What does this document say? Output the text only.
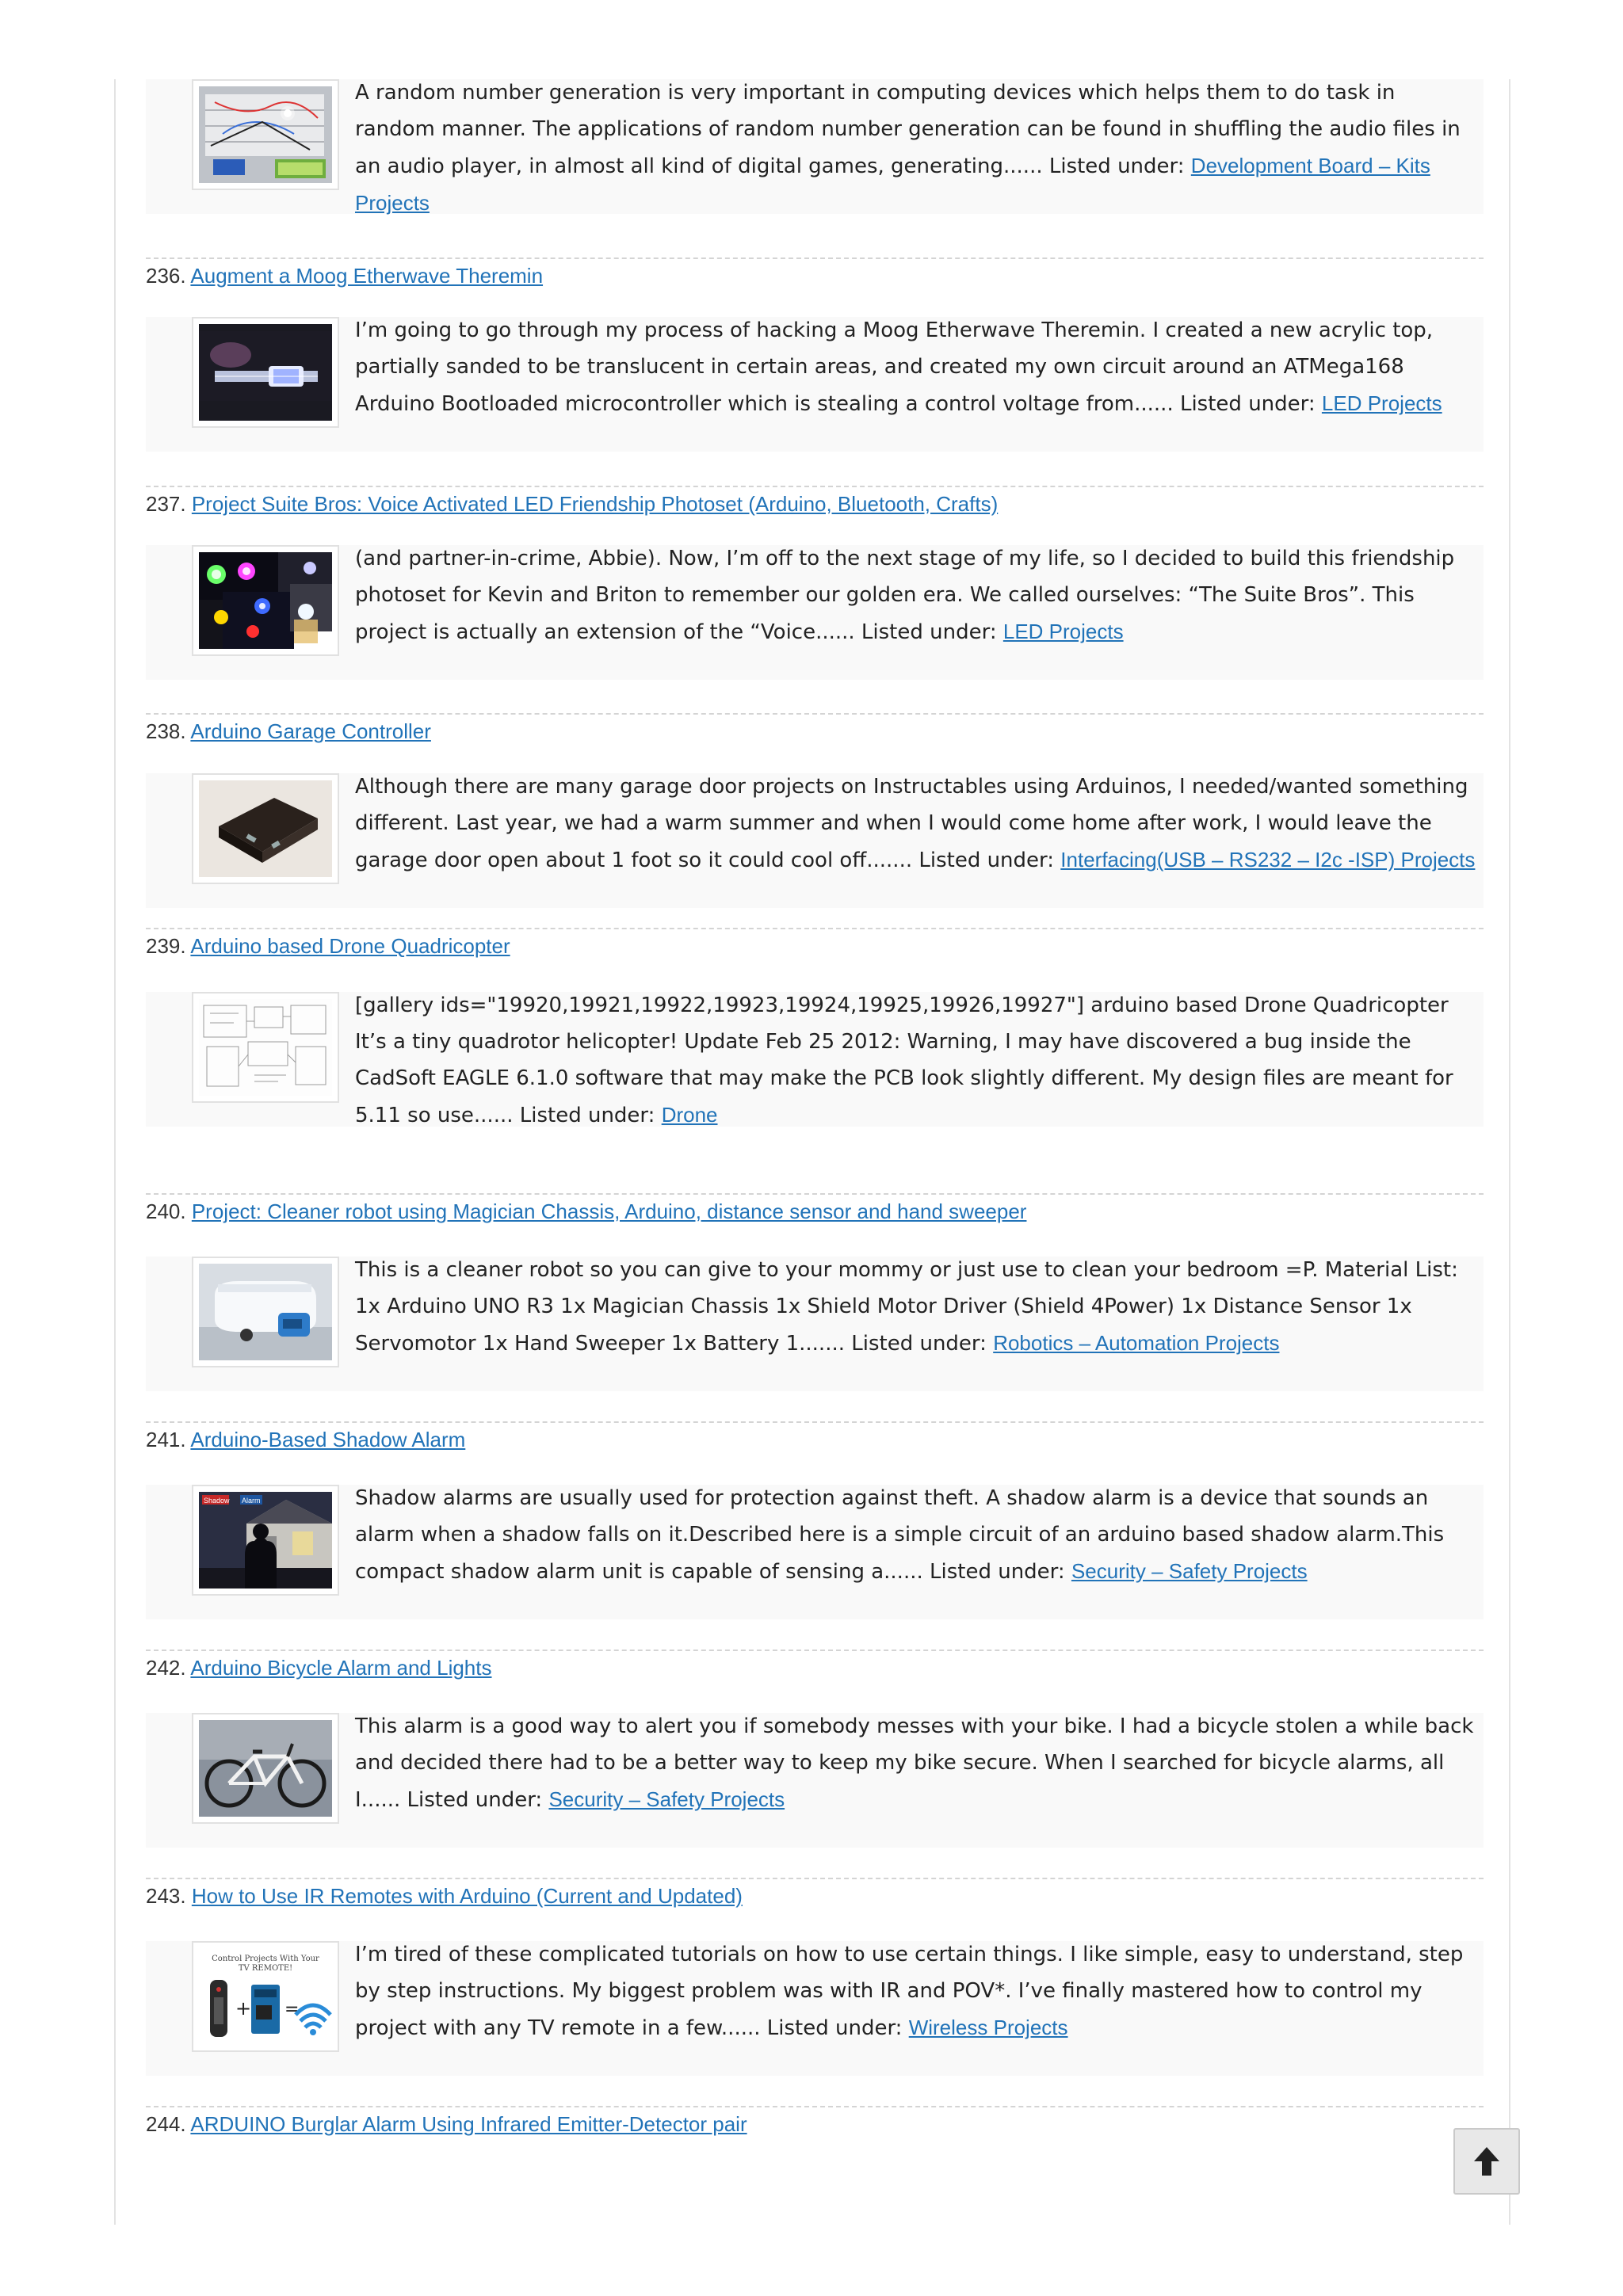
A random number generation is very important in computing devices which helps them to do task in random manner. The applications of random number generation can be found in shuffling the audio files in an audio player, in almost all kind of digital games, generating...... Listed under: Development Board – Kits Projects
236. Augment a Moog Etherwave Theremin
I’m going to go through my process of hacking a Moog Etherwave Theremin. I created a new acrylic top, partially sanded to be translucent in certain areas, and created my own circuit around an ATMega168 Arduino Bootloaded microcontroller which is stealing a control voltage from...... Listed under: LED Projects
237. Project Suite Bros: Voice Activated LED Friendship Photoset (Arduino, Bluetooth, Crafts)
(and partner-in-crime, Abbie). Now, I’m off to the next stage of my life, so I decided to build this friendship photoset for Kevin and Briton to remember our golden era. We called ourselves: “The Suite Bros”. This project is actually an extension of the “Voice...... Listed under: LED Projects
238. Arduino Garage Controller
Although there are many garage door projects on Instructables using Arduinos, I needed/wanted something different. Last year, we had a warm summer and when I would come home after work, I would leave the garage door open about 1 foot so it could cool off....... Listed under: Interfacing(USB – RS232 – I2c -ISP) Projects
239. Arduino based Drone Quadricopter
[gallery ids="19920,19921,19922,19923,19924,19925,19926,19927"] arduino based Drone Quadricopter It’s a tiny quadrotor helicopter! Update Feb 25 2012: Warning, I may have discovered a bug inside the CadSoft EAGLE 6.1.0 software that may make the PCB look slightly different. My design files are meant for 5.11 so use...... Listed under: Drone
240. Project: Cleaner robot using Magician Chassis, Arduino, distance sensor and hand sweeper
This is a cleaner robot so you can give to your mommy or just use to clean your bedroom =P. Material List: 1x Arduino UNO R3 1x Magician Chassis 1x Shield Motor Driver (Shield 4Power) 1x Distance Sensor 1x Servomotor 1x Hand Sweeper 1x Battery 1....... Listed under: Robotics – Automation Projects
241. Arduino-Based Shadow Alarm
Shadow Alarm	Shadow alarms are usually used for protection against theft. A shadow alarm is a device that sounds an alarm when a shadow falls on it.Described here is a simple circuit of an arduino based shadow alarm.This compact shadow alarm unit is capable of sensing a...... Listed under: Security – Safety Projects
242. Arduino Bicycle Alarm and Lights
This alarm is a good way to alert you if somebody messes with your bike. I had a bicycle stolen a while back and decided there had to be a better way to keep my bike secure. When I searched for bicycle alarms, all I...... Listed under: Security – Safety Projects
243. How to Use IR Remotes with Arduino (Current and Updated)
Control Projects With Your
TV REMOTE!
+ =
I’m tired of these complicated tutorials on how to use certain things. I like simple, easy to understand, step by step instructions. My biggest problem was with IR and POV*. I’ve finally mastered how to control my project with any TV remote in a few...... Listed under: Wireless Projects
244. ARDUINO Burglar Alarm Using Infrared Emitter-Detector pair
